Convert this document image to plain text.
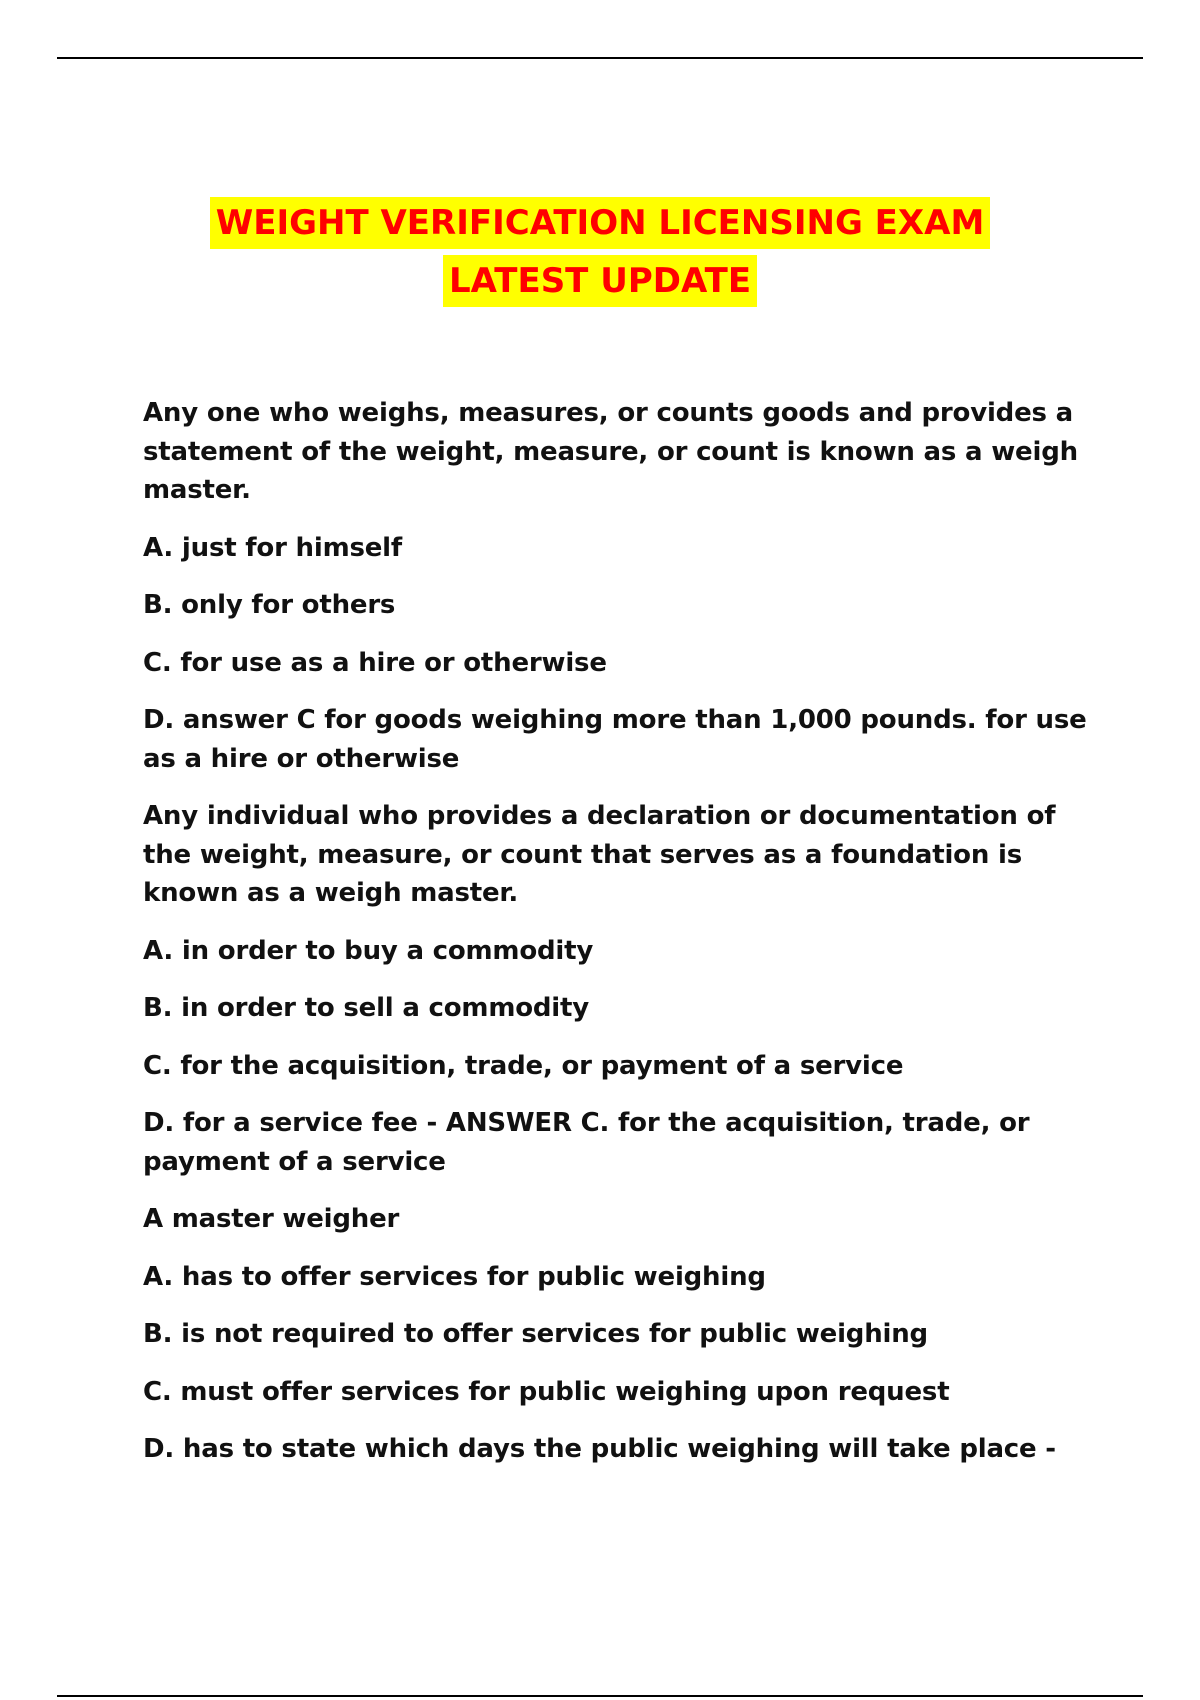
WEIGHT VERIFICATION LICENSING EXAM
LATEST UPDATE

Any one who weighs, measures, or counts goods and provides a statement of the weight, measure, or count is known as a weigh master.

A. just for himself

B. only for others

C. for use as a hire or otherwise

D. answer C for goods weighing more than 1,000 pounds. for use as a hire or otherwise

Any individual who provides a declaration or documentation of the weight, measure, or count that serves as a foundation is known as a weigh master.

A. in order to buy a commodity

B. in order to sell a commodity

C. for the acquisition, trade, or payment of a service

D. for a service fee - ANSWER C. for the acquisition, trade, or payment of a service

A master weigher

A. has to offer services for public weighing

B. is not required to offer services for public weighing

C. must offer services for public weighing upon request

D. has to state which days the public weighing will take place -
